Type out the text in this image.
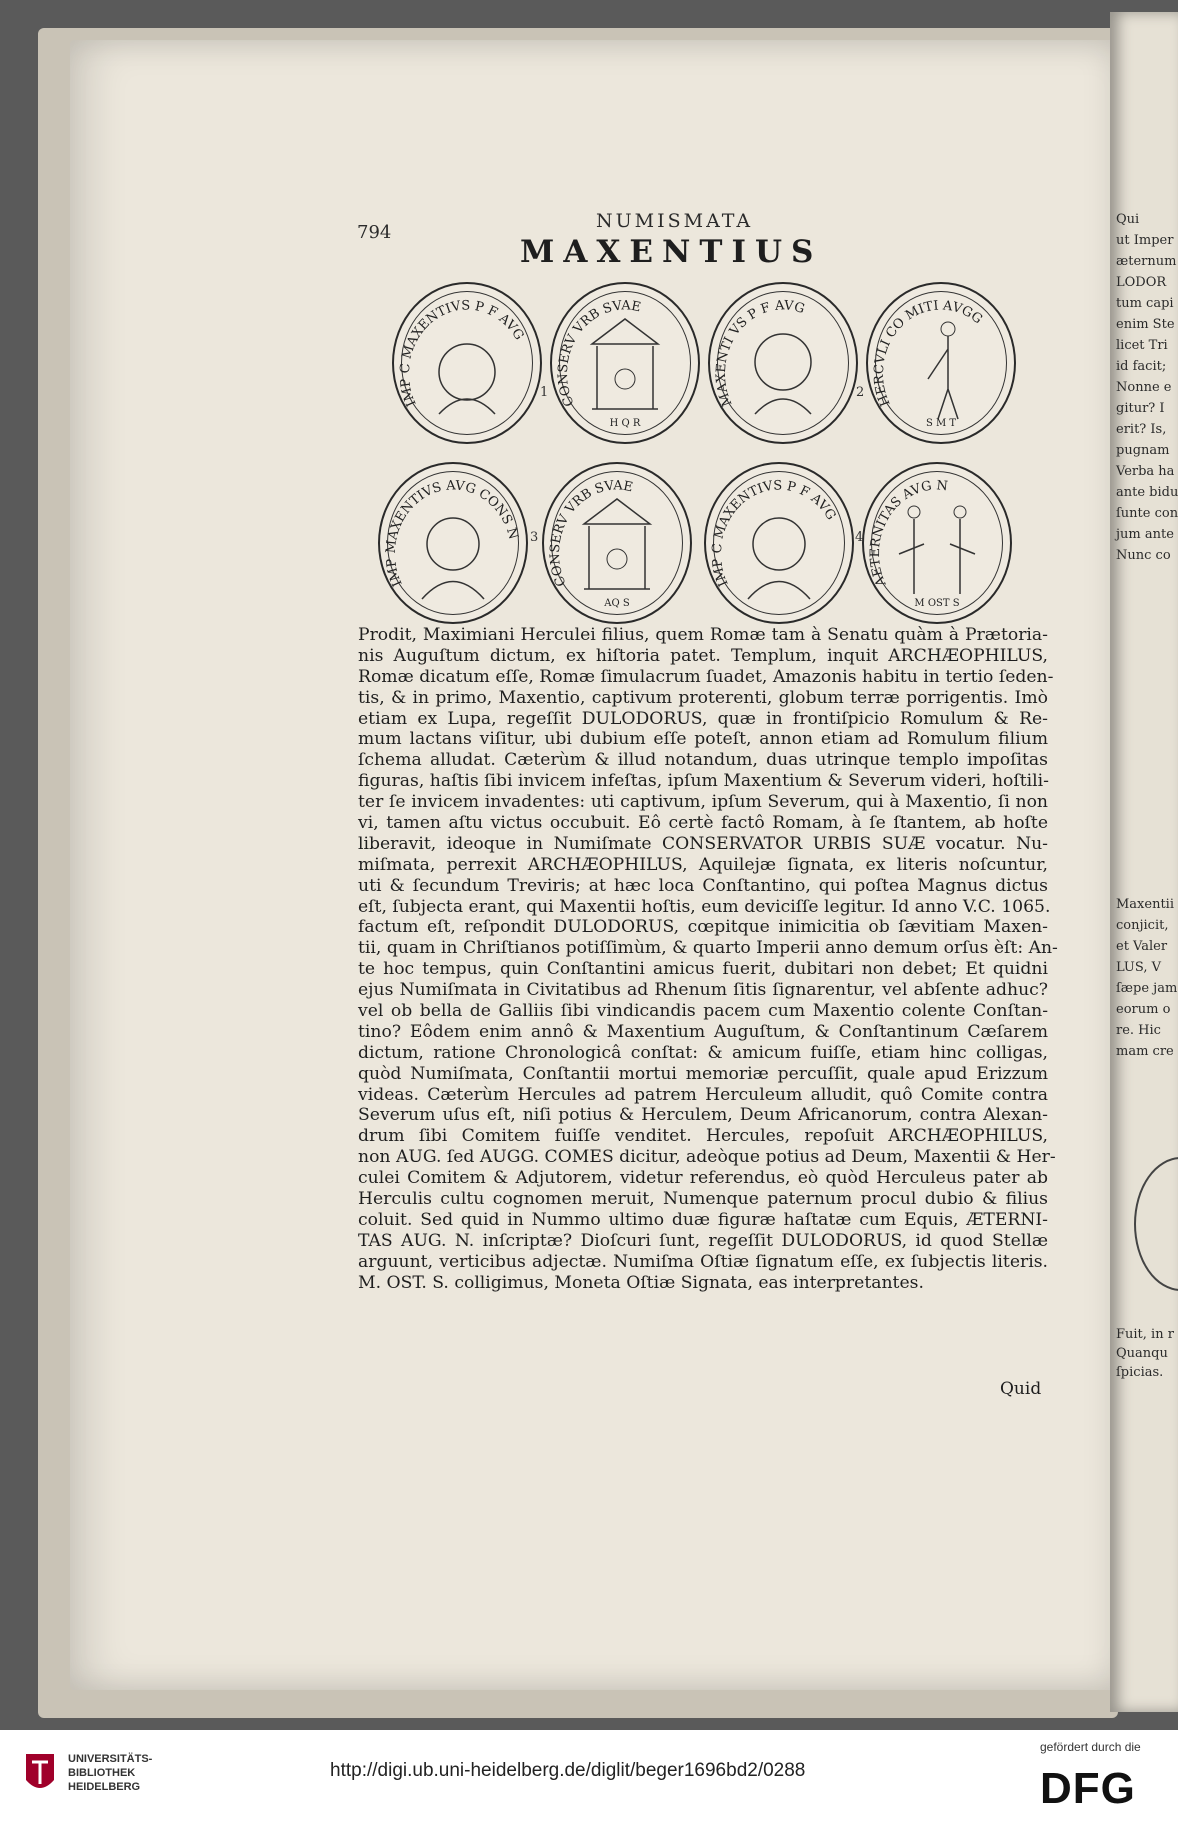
Qui
ut Imper
æternum
LODOR
tum capi
enim Ste
licet Tri
id facit;
Nonne e
gitur? I
erit? Is,
pugnam
Verba ha
ante bidu
ſunte con
jum ante
Nunc co
Maxentii
conjicit,
et Valer
LUS, V
ſæpe jam
eorum o
re. Hic
mam cre
Fuit, in r
Quanqu
ſpicias.
794
NUMISMATA
MAXENTIUS
IMP C MAXENTIVS P F AVG
CONSERV VRB SVAE
H Q R
MAXENTI VS P F AVG
HERCVLI CO MITI AVGG
S M T
IMP MAXENTIVS AVG CONS N
CONSERV VRB SVAE
AQ S
IMP C MAXENTIVS P F AVG
AETERNITAS AVG N
M OST S
1	2
3	4
Prodit, Maximiani Herculei filius, quem Romæ tam à Senatu quàm à Prætoria-
nis Auguſtum dictum, ex hiſtoria patet. Templum, inquit ARCHÆOPHILUS,
Romæ dicatum eſſe, Romæ ſimulacrum ſuadet, Amazonis habitu in tertio ſeden-
tis, & in primo, Maxentio, captivum proterenti, globum terræ porrigentis. Imò
etiam ex Lupa, regeſſit DULODORUS, quæ in frontiſpicio Romulum & Re-
mum lactans viſitur, ubi dubium eſſe poteſt, annon etiam ad Romulum filium
ſchema alludat. Cæterùm & illud notandum, duas utrinque templo impoſitas
figuras, haſtis ſibi invicem infeſtas, ipſum Maxentium & Severum videri, hoſtili-
ter ſe invicem invadentes: uti captivum, ipſum Severum, qui à Maxentio, ſi non
vi, tamen aſtu victus occubuit. Eô certè factô Romam, à ſe ſtantem, ab hoſte
liberavit, ideoque in Numiſmate CONSERVATOR URBIS SUÆ vocatur. Nu-
miſmata, perrexit ARCHÆOPHILUS, Aquilejæ ſignata, ex literis noſcuntur,
uti & ſecundum Treviris; at hæc loca Conſtantino, qui poſtea Magnus dictus
eſt, ſubjecta erant, qui Maxentii hoſtis, eum deviciſſe legitur. Id anno V.C. 1065.
factum eſt, reſpondit DULODORUS, cœpitque inimicitia ob ſævitiam Maxen-
tii, quam in Chriſtianos potiſſimùm, & quarto Imperii anno demum orſus èſt: An-
te hoc tempus, quin Conſtantini amicus fuerit, dubitari non debet; Et quidni
ejus Numiſmata in Civitatibus ad Rhenum ſitis ſignarentur, vel abſente adhuc?
vel ob bella de Galliis ſibi vindicandis pacem cum Maxentio colente Conſtan-
tino? Eôdem enim annô & Maxentium Auguſtum, & Conſtantinum Cæſarem
dictum, ratione Chronologicâ conſtat: & amicum fuiſſe, etiam hinc colligas,
quòd Numiſmata, Conſtantii mortui memoriæ percuſſit, quale apud Erizzum
videas. Cæterùm Hercules ad patrem Herculeum alludit, quô Comite contra
Severum uſus eſt, niſi potius & Herculem, Deum Africanorum, contra Alexan-
drum ſibi Comitem fuiſſe venditet. Hercules, repoſuit ARCHÆOPHILUS,
non AUG. ſed AUGG. COMES dicitur, adeòque potius ad Deum, Maxentii & Her-
culei Comitem & Adjutorem, videtur referendus, eò quòd Herculeus pater ab
Herculis cultu cognomen meruit, Numenque paternum procul dubio & filius
coluit. Sed quid in Nummo ultimo duæ figuræ haſtatæ cum Equis, ÆTERNI-
TAS AUG. N. inſcriptæ? Dioſcuri ſunt, regeſſit DULODORUS, id quod Stellæ
arguunt, verticibus adjectæ. Numiſma Oſtiæ ſignatum eſſe, ex ſubjectis literis.
M. OST. S. colligimus, Moneta Oſtiæ Signata, eas interpretantes.
Quid
UNIVERSITÄTS-BIBLIOTHEK HEIDELBERG
http://digi.ub.uni-heidelberg.de/diglit/beger1696bd2/0288
gefördert durch die
DFG
